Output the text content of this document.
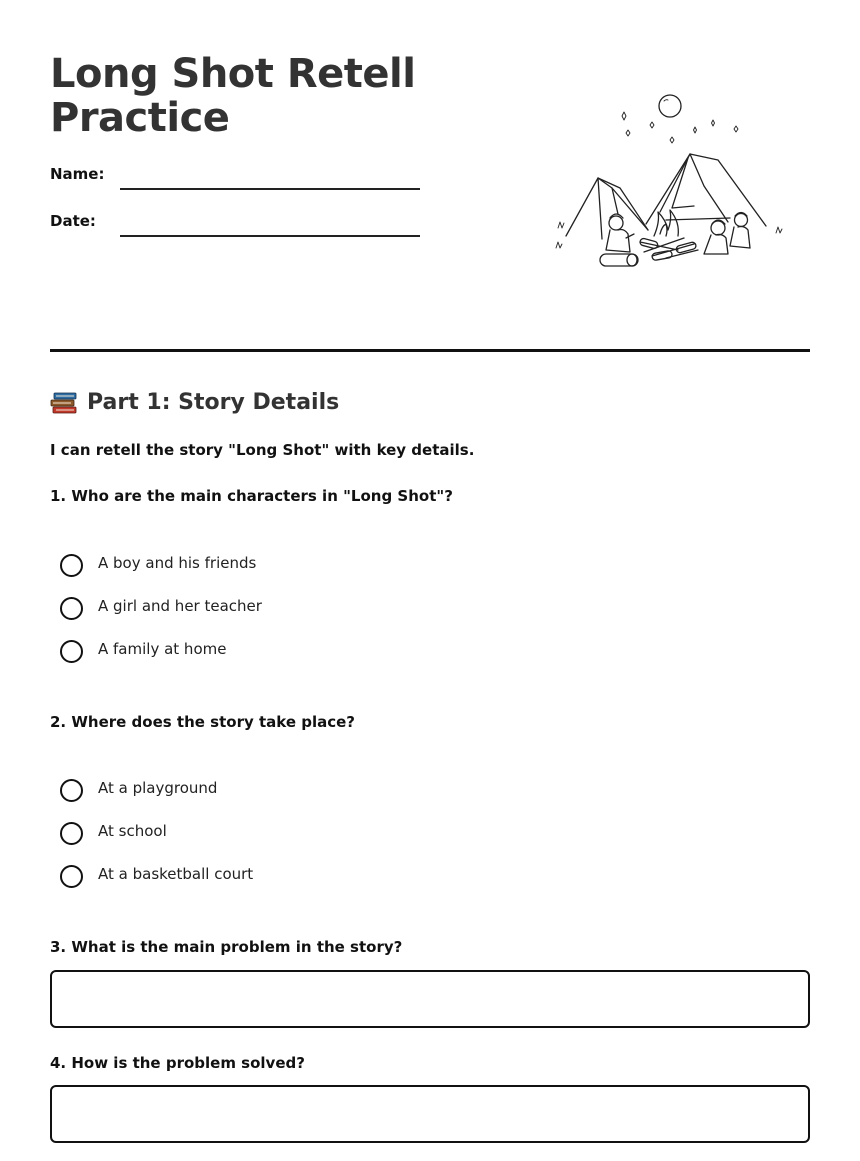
Long Shot Retell Practice
Name:
Date:
Part 1: Story Details

I can retell the story "Long Shot" with key details.

1. Who are the main characters in "Long Shot"?

A boy and his friends
A girl and her teacher
A family at home

2. Where does the story take place?

At a playground
At school
At a basketball court

3. What is the main problem in the story?

4. How is the problem solved?
